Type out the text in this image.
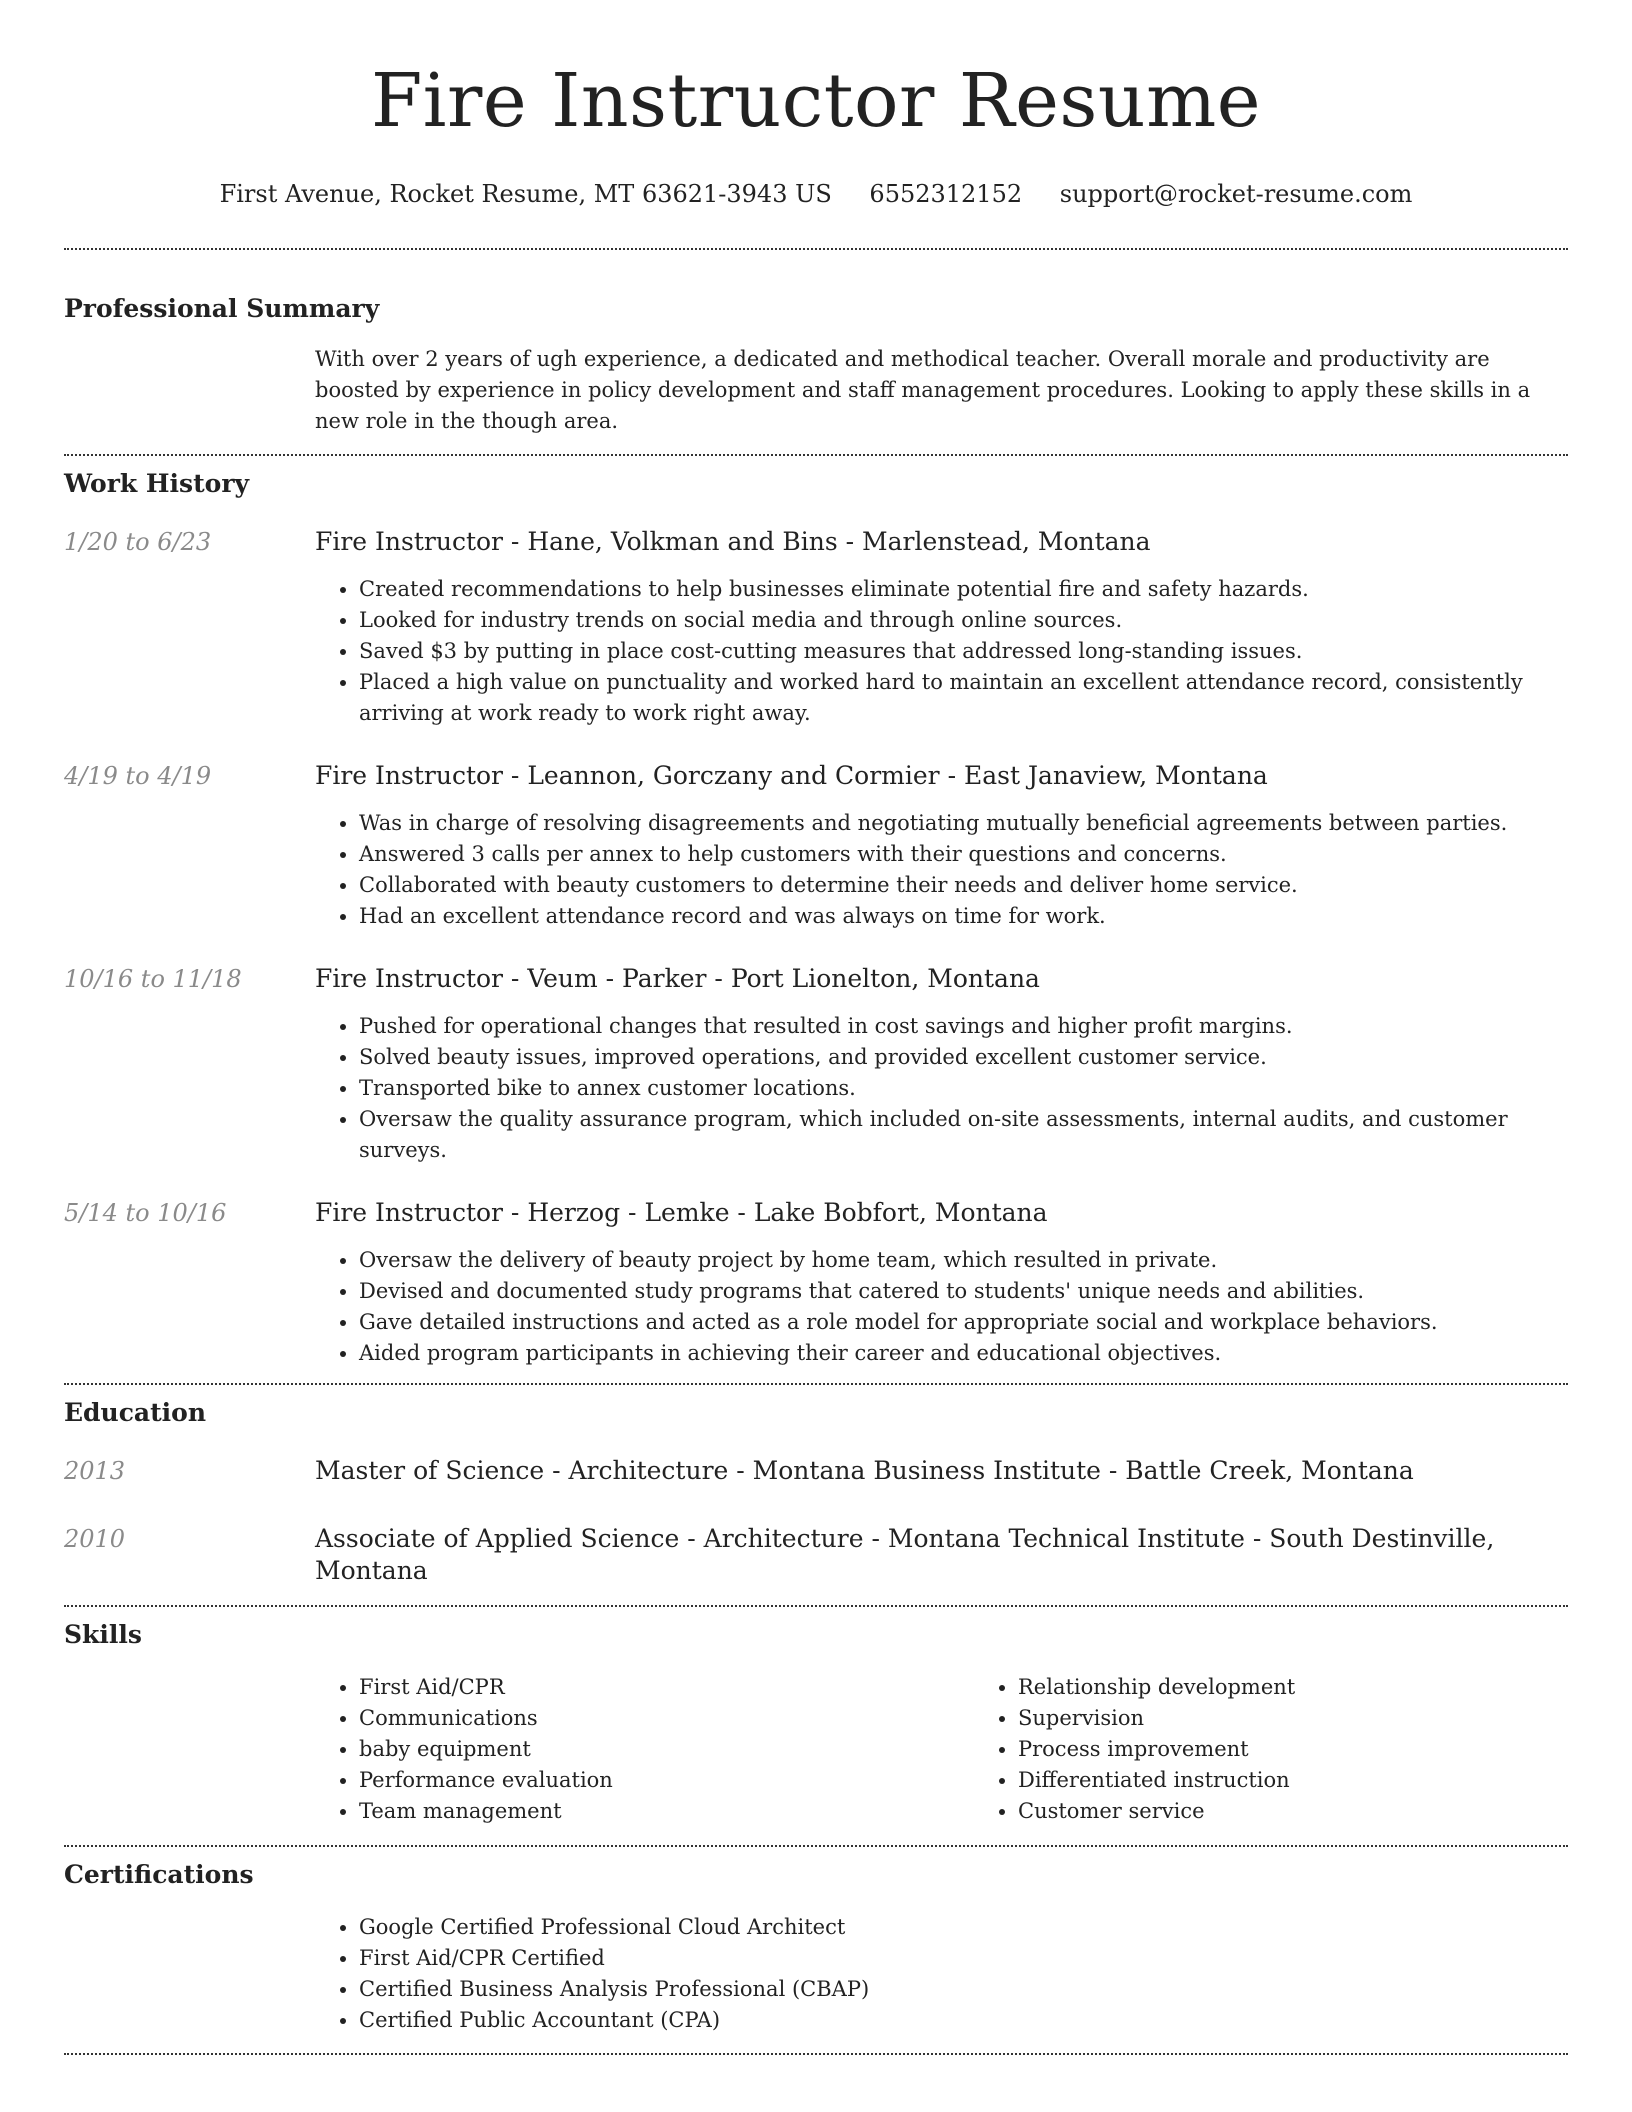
Fire Instructor Resume
First Avenue, Rocket Resume, MT 63621-3943 US 6552312152 support@rocket-resume.com
Professional Summary
With over 2 years of ugh experience, a dedicated and methodical teacher. Overall morale and productivity are boosted by experience in policy development and staff management procedures. Looking to apply these skills in a new role in the though area.
Work History
1/20 to 6/23	Fire Instructor - Hane, Volkman and Bins - Marlenstead, Montana
• Created recommendations to help businesses eliminate potential fire and safety hazards.
• Looked for industry trends on social media and through online sources.
• Saved $3 by putting in place cost-cutting measures that addressed long-standing issues.
• Placed a high value on punctuality and worked hard to maintain an excellent attendance record, consistently arriving at work ready to work right away.
4/19 to 4/19	Fire Instructor - Leannon, Gorczany and Cormier - East Janaview, Montana
• Was in charge of resolving disagreements and negotiating mutually beneficial agreements between parties.
• Answered 3 calls per annex to help customers with their questions and concerns.
• Collaborated with beauty customers to determine their needs and deliver home service.
• Had an excellent attendance record and was always on time for work.
10/16 to 11/18	Fire Instructor - Veum - Parker - Port Lionelton, Montana
• Pushed for operational changes that resulted in cost savings and higher profit margins.
• Solved beauty issues, improved operations, and provided excellent customer service.
• Transported bike to annex customer locations.
• Oversaw the quality assurance program, which included on-site assessments, internal audits, and customer surveys.
5/14 to 10/16	Fire Instructor - Herzog - Lemke - Lake Bobfort, Montana
• Oversaw the delivery of beauty project by home team, which resulted in private.
• Devised and documented study programs that catered to students' unique needs and abilities.
• Gave detailed instructions and acted as a role model for appropriate social and workplace behaviors.
• Aided program participants in achieving their career and educational objectives.
Education
2013	Master of Science - Architecture - Montana Business Institute - Battle Creek, Montana
2010	Associate of Applied Science - Architecture - Montana Technical Institute - South Destinville, Montana
Skills
• First Aid/CPR
• Communications
• baby equipment
• Performance evaluation
• Team management
• Relationship development
• Supervision
• Process improvement
• Differentiated instruction
• Customer service
Certifications
• Google Certified Professional Cloud Architect
• First Aid/CPR Certified
• Certified Business Analysis Professional (CBAP)
• Certified Public Accountant (CPA)
